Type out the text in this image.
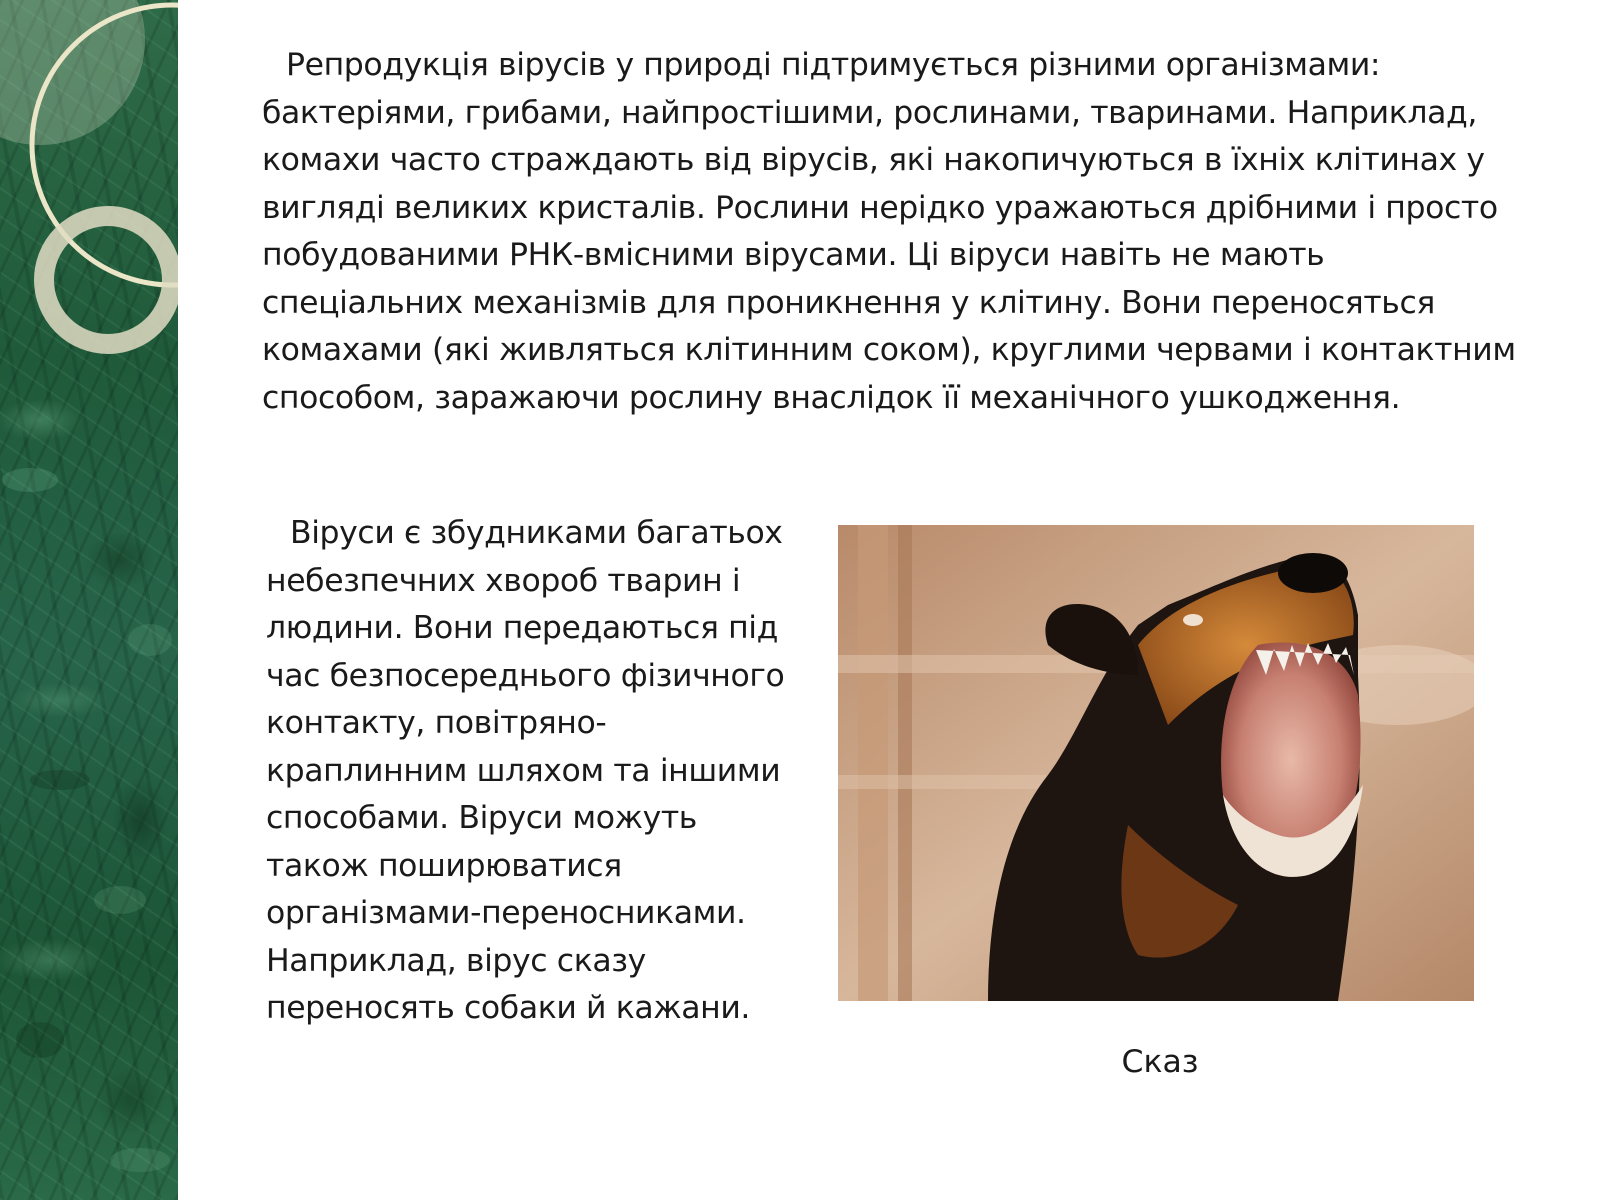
Репродукція вірусів у природі підтримується різними організмами: бактеріями, грибами, найпростішими, рослинами, тваринами. Наприклад, комахи часто страждають від вірусів, які накопичуються в їхніх клітинах у вигляді великих кристалів. Рослини нерідко уражаються дрібними і просто побудованими РНК-вмісними вірусами. Ці віруси навіть не мають спеціальних механізмів для проникнення у клітину. Вони переносяться комахами (які живляться клітинним соком), круглими червами і контактним способом, заражаючи рослину внаслідок її механічного ушкодження.

Віруси є збудниками багатьох небезпечних хвороб тварин і людини. Вони передаються під час безпосереднього фізичного контакту, повітряно-краплинним шляхом та іншими способами. Віруси можуть також поширюватися організмами-переносниками. Наприклад, вірус сказу переносять собаки й кажани.

Сказ
